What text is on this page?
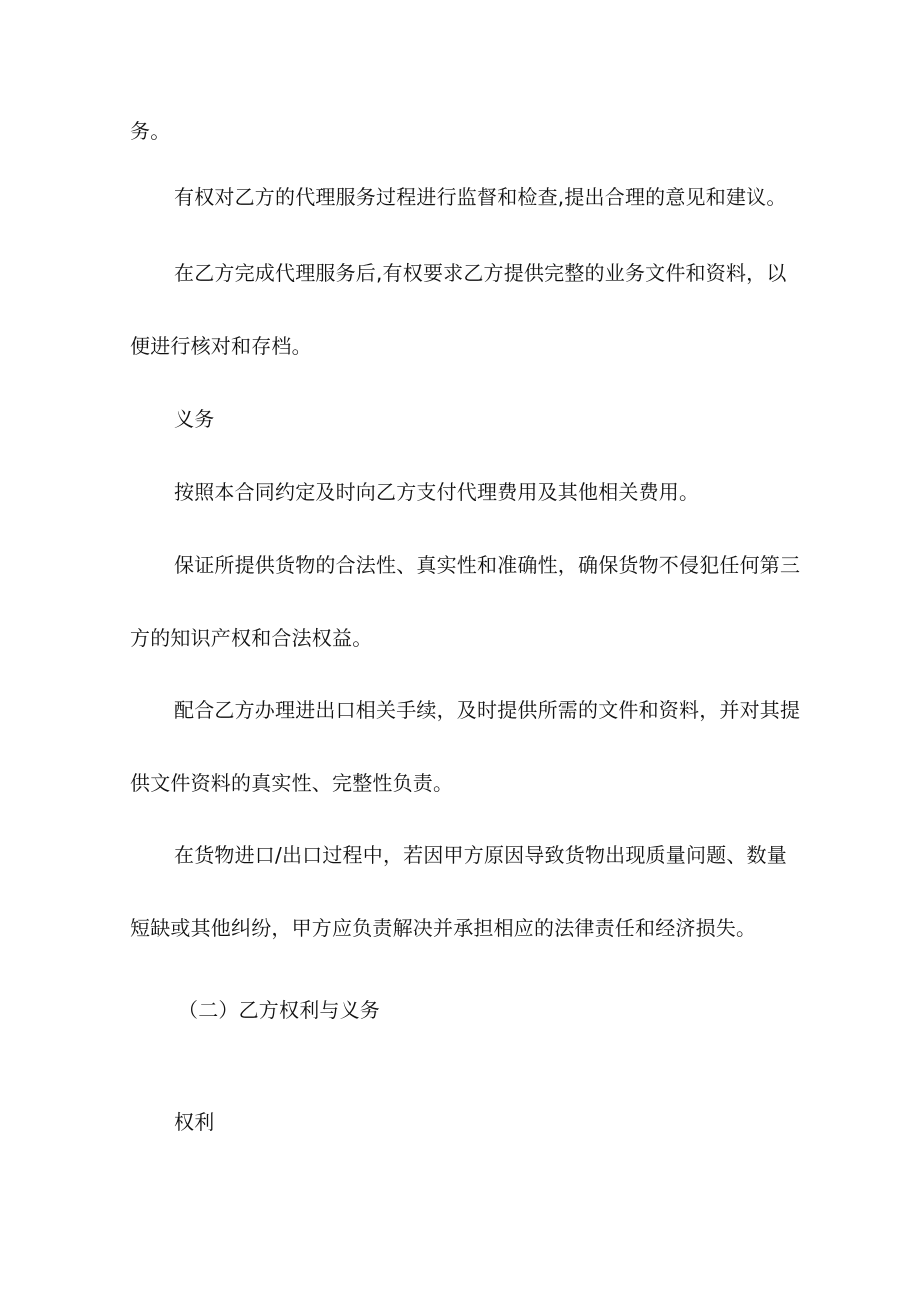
务。
有权对乙方的代理服务过程进行监督和检查,提出合理的意见和建议。
在乙方完成代理服务后,有权要求乙方提供完整的业务文件和资料，以
便进行核对和存档。
义务
按照本合同约定及时向乙方支付代理费用及其他相关费用。
保证所提供货物的合法性、真实性和准确性，确保货物不侵犯任何第三
方的知识产权和合法权益。
配合乙方办理进出口相关手续，及时提供所需的文件和资料，并对其提
供文件资料的真实性、完整性负责。
在货物进口/出口过程中，若因甲方原因导致货物出现质量问题、数量
短缺或其他纠纷，甲方应负责解决并承担相应的法律责任和经济损失。
（二）乙方权利与义务
权利
